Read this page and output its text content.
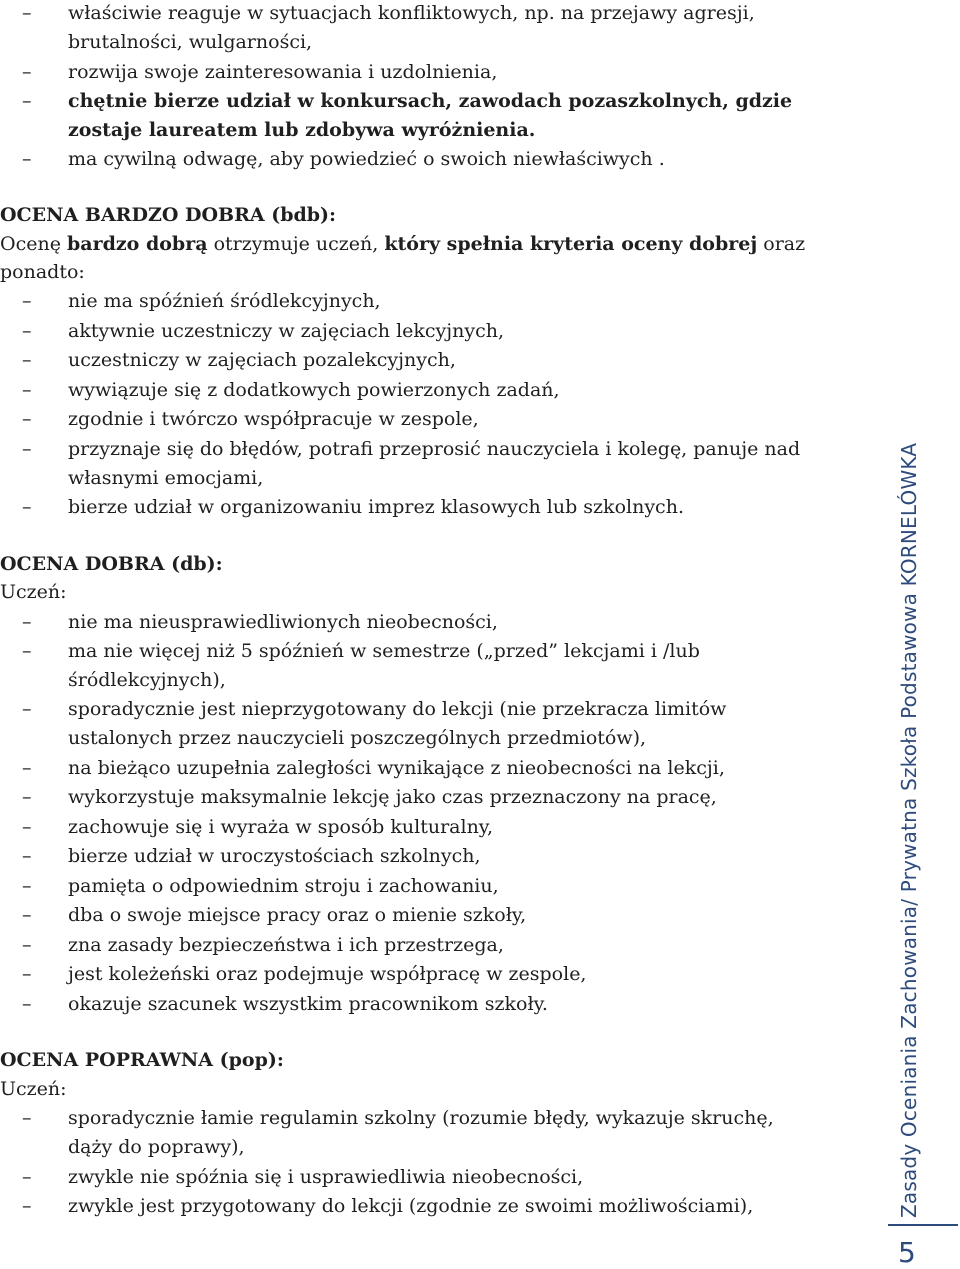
– właściwie reaguje w sytuacjach konfliktowych, np. na przejawy agresji,
brutalności, wulgarności,
– rozwija swoje zainteresowania i uzdolnienia,
– chętnie bierze udział w konkursach, zawodach pozaszkolnych, gdzie
zostaje laureatem lub zdobywa wyróżnienia.
– ma cywilną odwagę, aby powiedzieć o swoich niewłaściwych .
OCENA BARDZO DOBRA (bdb):
Ocenę bardzo dobrą otrzymuje uczeń, który spełnia kryteria oceny dobrej oraz
ponadto:
– nie ma spóźnień śródlekcyjnych,
– aktywnie uczestniczy w zajęciach lekcyjnych,
– uczestniczy w zajęciach pozalekcyjnych,
– wywiązuje się z dodatkowych powierzonych zadań,
– zgodnie i twórczo współpracuje w zespole,
– przyznaje się do błędów, potrafi przeprosić nauczyciela i kolegę, panuje nad
własnymi emocjami,
– bierze udział w organizowaniu imprez klasowych lub szkolnych.
OCENA DOBRA (db):
Uczeń:
– nie ma nieusprawiedliwionych nieobecności,
– ma nie więcej niż 5 spóźnień w semestrze („przed” lekcjami i /lub
śródlekcyjnych),
– sporadycznie jest nieprzygotowany do lekcji (nie przekracza limitów
ustalonych przez nauczycieli poszczególnych przedmiotów),
– na bieżąco uzupełnia zaległości wynikające z nieobecności na lekcji,
– wykorzystuje maksymalnie lekcję jako czas przeznaczony na pracę,
– zachowuje się i wyraża w sposób kulturalny,
– bierze udział w uroczystościach szkolnych,
– pamięta o odpowiednim stroju i zachowaniu,
– dba o swoje miejsce pracy oraz o mienie szkoły,
– zna zasady bezpieczeństwa i ich przestrzega,
– jest koleżeński oraz podejmuje współpracę w zespole,
– okazuje szacunek wszystkim pracownikom szkoły.
OCENA POPRAWNA (pop):
Uczeń:
– sporadycznie łamie regulamin szkolny (rozumie błędy, wykazuje skruchę,
dąży do poprawy),
– zwykle nie spóźnia się i usprawiedliwia nieobecności,
– zwykle jest przygotowany do lekcji (zgodnie ze swoimi możliwościami),	Zasady Oceniania Zachowania/ Prywatna Szkoła Podstawowa KORNELÓWKA
5
